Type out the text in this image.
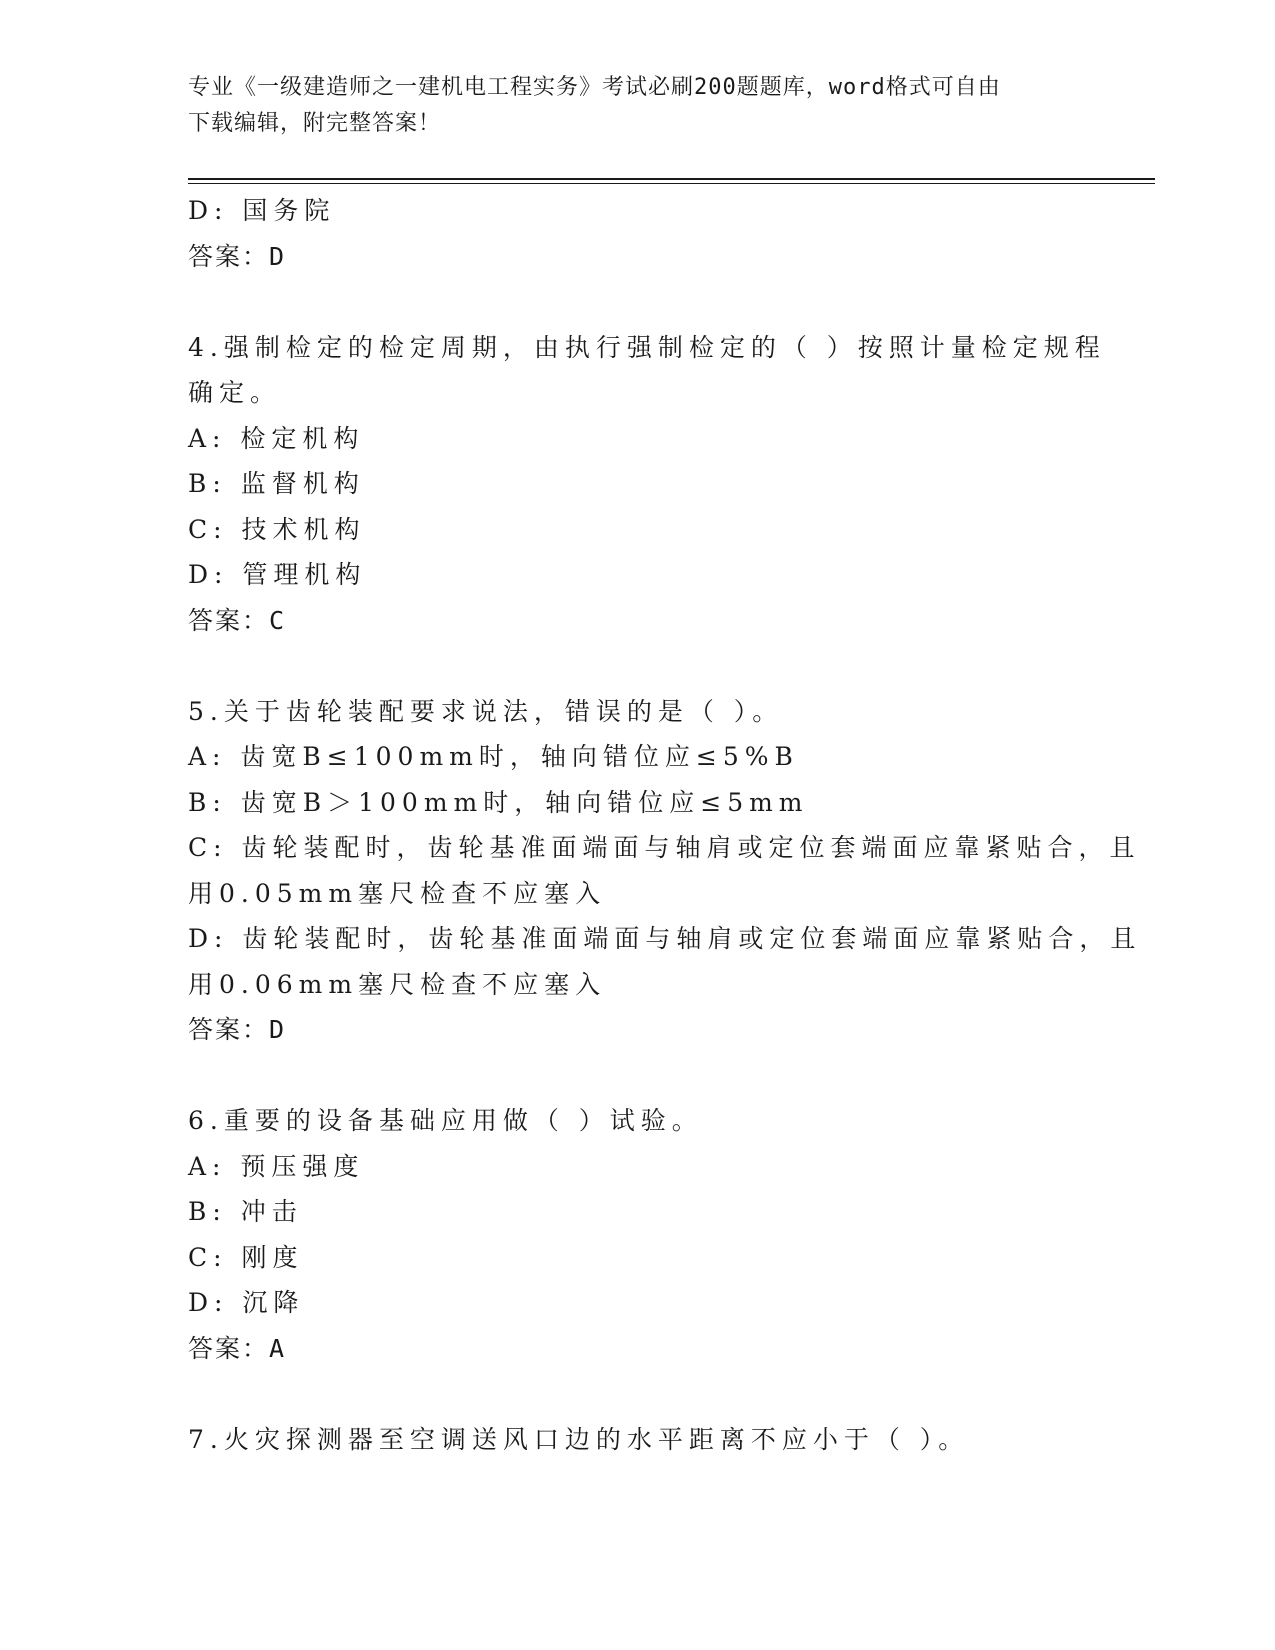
专业《一级建造师之一建机电工程实务》考试必刷200题题库，word格式可自由
下载编辑，附完整答案！
D: 国务院
答案：D
4.强制检定的检定周期，由执行强制检定的（ ）按照计量检定规程
确定。
A: 检定机构
B: 监督机构
C: 技术机构
D: 管理机构
答案：C
5.关于齿轮装配要求说法，错误的是（ ）。
A: 齿宽B≤100mm时，轴向错位应≤5%B
B: 齿宽B＞100mm时，轴向错位应≤5mm
C: 齿轮装配时，齿轮基准面端面与轴肩或定位套端面应靠紧贴合，且
用0.05mm塞尺检查不应塞入
D: 齿轮装配时，齿轮基准面端面与轴肩或定位套端面应靠紧贴合，且
用0.06mm塞尺检查不应塞入
答案：D
6.重要的设备基础应用做（ ）试验。
A: 预压强度
B: 冲击
C: 刚度
D: 沉降
答案：A
7.火灾探测器至空调送风口边的水平距离不应小于（ ）。
